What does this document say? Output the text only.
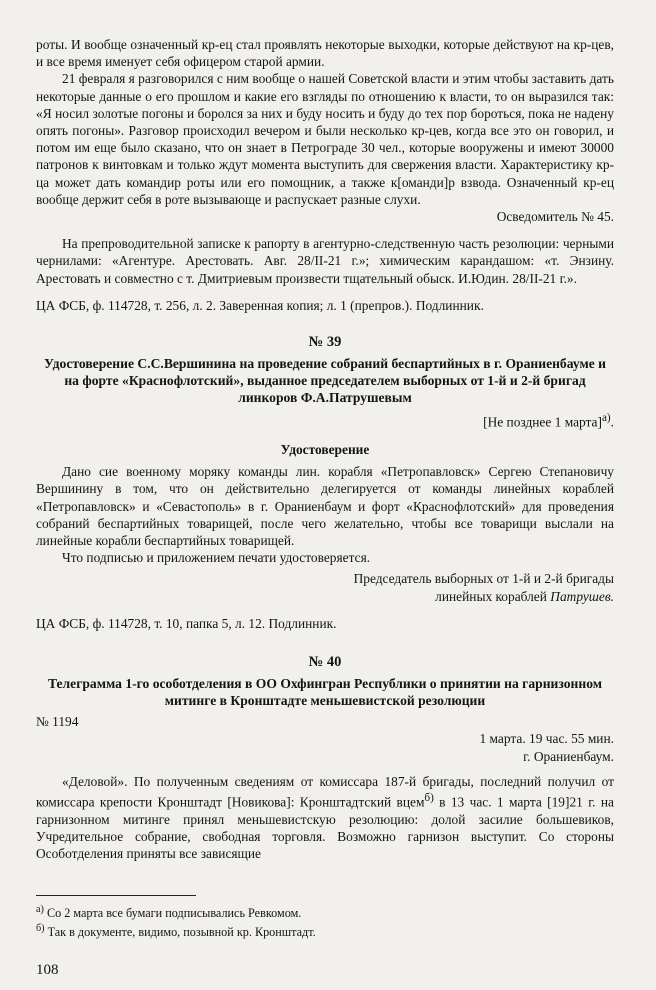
роты. И вообще означенный кр-ец стал проявлять некоторые выходки, которые действуют на кр-цев, и все время именует себя офицером старой армии.

21 февраля я разговорился с ним вообще о нашей Советской власти и этим чтобы заставить дать некоторые данные о его прошлом и какие его взгляды по отношению к власти, то он выразился так: «Я носил золотые погоны и боролся за них и буду носить и буду до тех пор бороться, пока не надену опять погоны». Разговор происходил вечером и были несколько кр-цев, когда все это он говорил, и потом им еще было сказано, что он знает в Петрограде 30 чел., которые вооружены и имеют 30000 патронов к винтовкам и только ждут момента выступить для свержения власти. Характеристику кр-ца может дать командир роты или его помощник, а также к[оманди]р взвода. Означенный кр-ец вообще держит себя в роте вызывающе и распускает разные слухи.

Осведомитель № 45.

На препроводительной записке к рапорту в агентурно-следственную часть резолюции: черными чернилами: «Агентуре. Арестовать. Авг. 28/II-21 г.»; химическим карандашом: «т. Энзину. Арестовать и совместно с т. Дмитриевым произвести тщательный обыск. И.Юдин. 28/II-21 г.».

ЦА ФСБ, ф. 114728, т. 256, л. 2. Заверенная копия; л. 1 (препров.). Подлинник.

№ 39

Удостоверение С.С.Вершинина на проведение собраний беспартийных в г. Ораниенбауме и на форте «Краснофлотский», выданное председателем выборных от 1-й и 2-й бригад линкоров Ф.А.Патрушевым

[Не позднее 1 марта]$^{а)}$.

Удостоверение

Дано сие военному моряку команды лин. корабля «Петропавловск» Сергею Степановичу Вершинину в том, что он действительно делегируется от команды линейных кораблей «Петропавловск» и «Севастополь» в г. Ораниенбаум и форт «Краснофлотский» для проведения собраний беспартийных товарищей, после чего желательно, чтобы все товарищи выслали на линейные корабли беспартийных товарищей.

Что подписью и приложением печати удостоверяется.

Председатель выборных от 1-й и 2-й бригады

линейных кораблей Патрушев.

ЦА ФСБ, ф. 114728, т. 10, папка 5, л. 12. Подлинник.

№ 40

Телеграмма 1-го особотделения в ОО Охфингран Республики о принятии на гарнизонном митинге в Кронштадте меньшевистской резолюции

№ 1194

1 марта. 19 час. 55 мин.

г. Ораниенбаум.

«Деловой». По полученным сведениям от комиссара 187-й бригады, последний получил от комиссара крепости Кронштадт [Новикова]: Кронштадтский вцем$^{б)}$ в 13 час. 1 марта [19]21 г. на гарнизонном митинге принял меньшевистскую резолюцию: долой засилие большевиков, Учредительное собрание, свободная торговля. Возможно гарнизон выступит. Со стороны Особотделения приняты все зависящие

$^{а)}$ Со 2 марта все бумаги подписывались Ревкомом.

$^{б)}$ Так в документе, видимо, позывной кр. Кронштадт.

108
